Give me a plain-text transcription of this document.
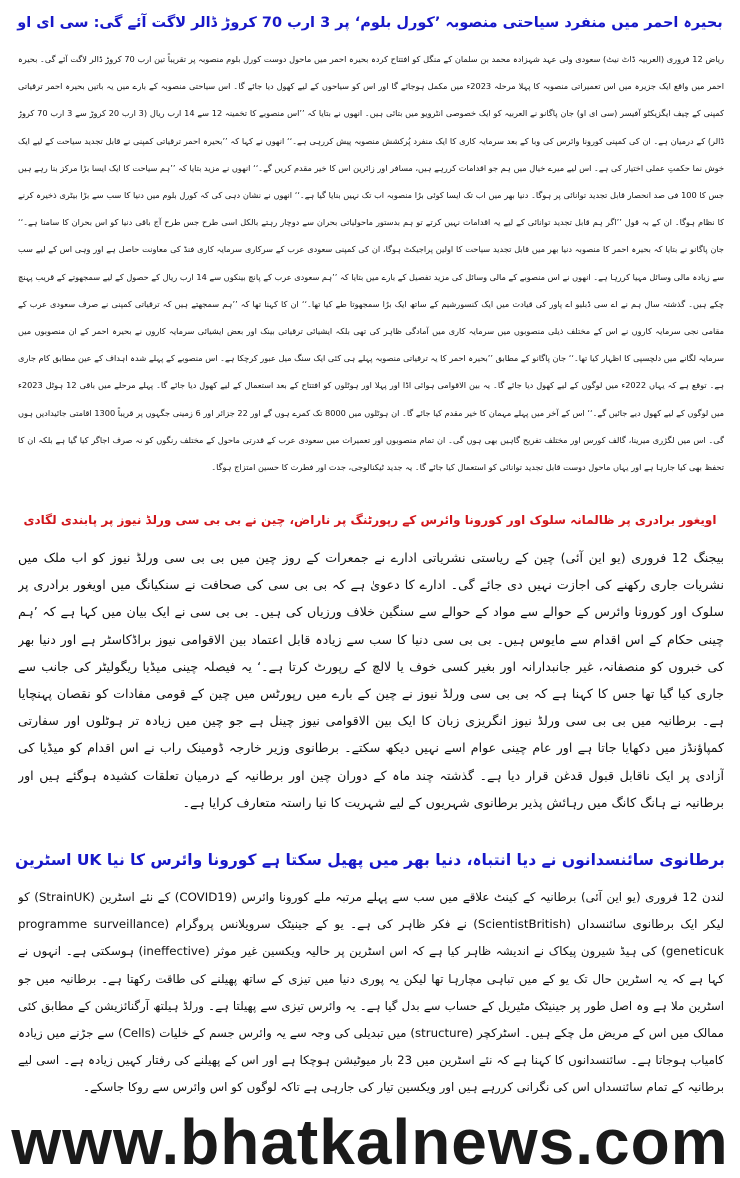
بحیرہ احمر میں منفرد سیاحتی منصوبہ ’کورل بلوم‘ پر 3 ارب 70 کروڑ ڈالر لاگت آئے گی: سی ای او
ریاض 12 فروری (العربیہ ڈاٹ نیٹ) سعودی ولی عہد شہزادہ محمد بن سلمان کے منگل کو افتتاح کردہ بحیرہ احمر میں ماحول دوست کورل بلوم منصوبہ پر تقریباً تین ارب 70 کروڑ ڈالر لاگت آئے گی۔ بحیرہ احمر میں واقع ایک جزیرہ میں اس تعمیراتی منصوبہ کا پہلا مرحلہ 2023ء میں مکمل ہوجائے گا اور اس کو سیاحوں کے لیے کھول دیا جائے گا۔ اس سیاحتی منصوبہ کے بارے میں یہ باتیں بحیرہ احمر ترقیاتی کمپنی کے چیف ایگزیکٹو آفیسر (سی ای او) جان پاگانو نے العربیہ کو ایک خصوصی انٹرویو میں بتائی ہیں۔ انھوں نے بتایا کہ ’’اس منصوبے کا تخمینہ 12 سے 14 ارب ریال (3 ارب 20 کروڑ سے 3 ارب 70 کروڑ ڈالر) کے درمیان ہے۔ ان کی کمپنی کورونا وائرس کی وبا کے بعد سرمایہ کاری کا ایک منفرد پُرکشش منصوبہ پیش کررہی ہے۔‘‘ انھوں نے کہا کہ ’’بحیرہ احمر ترقیاتی کمپنی نے قابل تجدید سیاحت کے لیے ایک خوش نما حکمتِ عملی اختیار کی ہے۔ اس لیے میرے خیال میں ہم جو اقدامات کررہے ہیں، مسافر اور زائرین اس کا خیر مقدم کریں گے۔‘‘ انھوں نے مزید بتایا کہ ’’ہم سیاحت کا ایک ایسا بڑا مرکز بنا رہے ہیں جس کا 100 فی صد انحصار قابل تجدید توانائی پر ہوگا۔ دنیا بھر میں اب تک ایسا کوئی بڑا منصوبہ اب تک نہیں بنایا گیا ہے۔‘‘ انھوں نے نشان دہی کی کہ کورل بلوم میں دنیا کا سب سے بڑا بیٹری ذخیرہ کرنے کا نظام ہوگا۔ ان کے بہ قول ’’اگر ہم قابل تجدید توانائی کے لیے یہ اقدامات نہیں کرتے تو ہم بدستور ماحولیاتی بحران سے دوچار رہتے بالکل اسی طرح جس طرح آج باقی دنیا کو اس بحران کا سامنا ہے۔‘‘ جان پاگانو نے بتایا کہ بحیرہ احمر کا منصوبہ دنیا بھر میں قابل تجدید سیاحت کا اولین پراجیکٹ ہوگا، ان کی کمپنی سعودی عرب کے سرکاری سرمایہ کاری فنڈ کی معاونت حاصل ہے اور وہی اس کے لیے سب سے زیادہ مالی وسائل مہیا کررہا ہے۔ انھوں نے اس منصوبے کے مالی وسائل کی مزید تفصیل کے بارے میں بتایا کہ ’’ہم سعودی عرب کے پانچ بینکوں سے 14 ارب ریال کے حصول کے لیے سمجھوتے کے قریب پہنچ چکے ہیں۔ گذشتہ سال ہم نے اے سی ڈبلیو اے پاور کی قیادت میں ایک کنسورشیم کے ساتھ ایک بڑا سمجھوتا طے کیا تھا۔‘‘ ان کا کہنا تھا کہ ’’ہم سمجھتے ہیں کہ ترقیاتی کمپنی نے صرف سعودی عرب کے مقامی نجی سرمایہ کاروں نے اس کے مختلف ذیلی منصوبوں میں سرمایہ کاری میں آمادگی ظاہر کی تھی بلکہ ایشیائی ترقیاتی بینک اور بعض ایشیائی سرمایہ کاروں نے بحیرہ احمر کے ان منصوبوں میں سرمایہ لگانے میں دلچسپی کا اظہار کیا تھا۔‘‘ جان پاگانو کے مطابق ’’بحیرہ احمر کا یہ ترقیاتی منصوبہ پہلے ہی کئی ایک سنگ میل عبور کرچکا ہے۔ اس منصوبے کے پہلے شدہ اہداف کے عین مطابق کام جاری ہے۔ توقع ہے کہ یہاں 2022ء میں لوگوں کے لیے کھول دیا جائے گا۔ یہ بین الاقوامی ہوائی اڈا اور پہلا اور ہوٹلوں کو افتتاح کے بعد استعمال کے لیے کھول دیا جائے گا۔ پہلے مرحلے میں باقی 12 ہوٹل 2023ء میں لوگوں کے لیے کھول دیے جائیں گے۔‘‘ اس کے آخر میں پہلے مہمان کا خیر مقدم کیا جائے گا۔ ان ہوٹلوں میں 8000 تک کمرے ہوں گے اور 22 جزائر اور 6 زمینی جگہوں پر قریباً 1300 اقامتی جائیدادیں ہوں گی۔ اس میں لگژری میرینا، گالف کورس اور مختلف تفریح گاہیں بھی ہوں گی۔ ان تمام منصوبوں اور تعمیرات میں سعودی عرب کے قدرتی ماحول کے مختلف رنگوں کو نہ صرف اجاگر کیا گیا ہے بلکہ ان کا تحفظ بھی کیا جارہا ہے اور یہاں ماحول دوست قابل تجدید توانائی کو استعمال کیا جائے گا۔ یہ جدید ٹیکنالوجی، جدت اور فطرت کا حسین امتزاج ہوگا۔
اویغور برادری پر ظالمانہ سلوک اور کورونا وائرس کے رپورٹنگ پر ناراض، چین نے بی بی سی ورلڈ نیوز پر پابندی لگادی
بیجنگ 12 فروری (یو این آئی) چین کے ریاستی نشریاتی ادارے نے جمعرات کے روز چین میں بی بی سی ورلڈ نیوز کو اب ملک میں نشریات جاری رکھنے کی اجازت نہیں دی جائے گی۔ ادارے کا دعویٰ ہے کہ بی بی سی کی صحافت نے سنکیانگ میں اویغور برادری پر سلوک اور کورونا وائرس کے حوالے سے مواد کے حوالے سے سنگین خلاف ورزیاں کی ہیں۔ بی بی سی نے ایک بیان میں کہا ہے کہ ’ہم چینی حکام کے اس اقدام سے مایوس ہیں۔ بی بی سی دنیا کا سب سے زیادہ قابل اعتماد بین الاقوامی نیوز براڈکاسٹر ہے اور دنیا بھر کی خبروں کو منصفانہ، غیر جانبدارانہ اور بغیر کسی خوف یا لالچ کے رپورٹ کرتا ہے۔‘ یہ فیصلہ چینی میڈیا ریگولیٹر کی جانب سے جاری کیا گیا تھا جس کا کہنا ہے کہ بی بی سی ورلڈ نیوز نے چین کے بارے میں رپورٹس میں چین کے قومی مفادات کو نقصان پہنچایا ہے۔ برطانیہ میں بی بی سی ورلڈ نیوز انگریزی زبان کا ایک بین الاقوامی نیوز چینل ہے جو چین میں زیادہ تر ہوٹلوں اور سفارتی کمپاؤنڈز میں دکھایا جاتا ہے اور عام چینی عوام اسے نہیں دیکھ سکتے۔ برطانوی وزیر خارجہ ڈومینک راب نے اس اقدام کو میڈیا کی آزادی پر ایک ناقابل قبول قدغن قرار دیا ہے۔ گذشتہ چند ماہ کے دوران چین اور برطانیہ کے درمیان تعلقات کشیدہ ہوگئے ہیں اور برطانیہ نے ہانگ کانگ میں رہائش پذیر برطانوی شہریوں کے لیے شہریت کا نیا راستہ متعارف کرایا ہے۔
برطانوی سائنسدانوں نے دیا انتباہ، دنیا بھر میں پھیل سکتا ہے کورونا وائرس کا نیا UK اسٹرین
لندن 12 فروری (یو این آئی) برطانیہ کے کینٹ علاقے میں سب سے پہلے مرتبہ ملے کورونا وائرس (COVID19) کے نئے اسٹرین (StrainUK) کو لیکر ایک برطانوی سائنسداں (ScientistBritish) نے فکر ظاہر کی ہے۔ یو کے جینیٹک سرویلانس پروگرام (programme surveillance geneticuk) کی ہیڈ شیرون پیکاک نے اندیشہ ظاہر کیا ہے کہ اس اسٹرین پر حالیہ ویکسین غیر موثر (ineffective) ہوسکتی ہے۔ انہوں نے کہا ہے کہ یہ اسٹرین حال تک یو کے میں تباہی مچارہا تھا لیکن یہ پوری دنیا میں تیزی کے ساتھ پھیلنے کی طاقت رکھتا ہے۔ برطانیہ میں جو اسٹرین ملا ہے وہ اصل طور پر جینیٹک مٹیریل کے حساب سے بدل گیا ہے۔ یہ وائرس تیزی سے پھیلتا ہے۔ ورلڈ ہیلتھ آرگنائزیشن کے مطابق کئی ممالک میں اس کے مریض مل چکے ہیں۔ اسٹرکچر (structure) میں تبدیلی کی وجہ سے یہ وائرس جسم کے خلیات (Cells) سے جڑنے میں زیادہ کامیاب ہوجاتا ہے۔ سائنسدانوں کا کہنا ہے کہ نئے اسٹرین میں 23 بار میوٹیشن ہوچکا ہے اور اس کے پھیلنے کی رفتار کہیں زیادہ ہے۔ اسی لیے برطانیہ کے تمام سائنسداں اس کی نگرانی کررہے ہیں اور ویکسین تیار کی جارہی ہے تاکہ لوگوں کو اس وائرس سے روکا جاسکے۔
www.bhatkalnews.com
